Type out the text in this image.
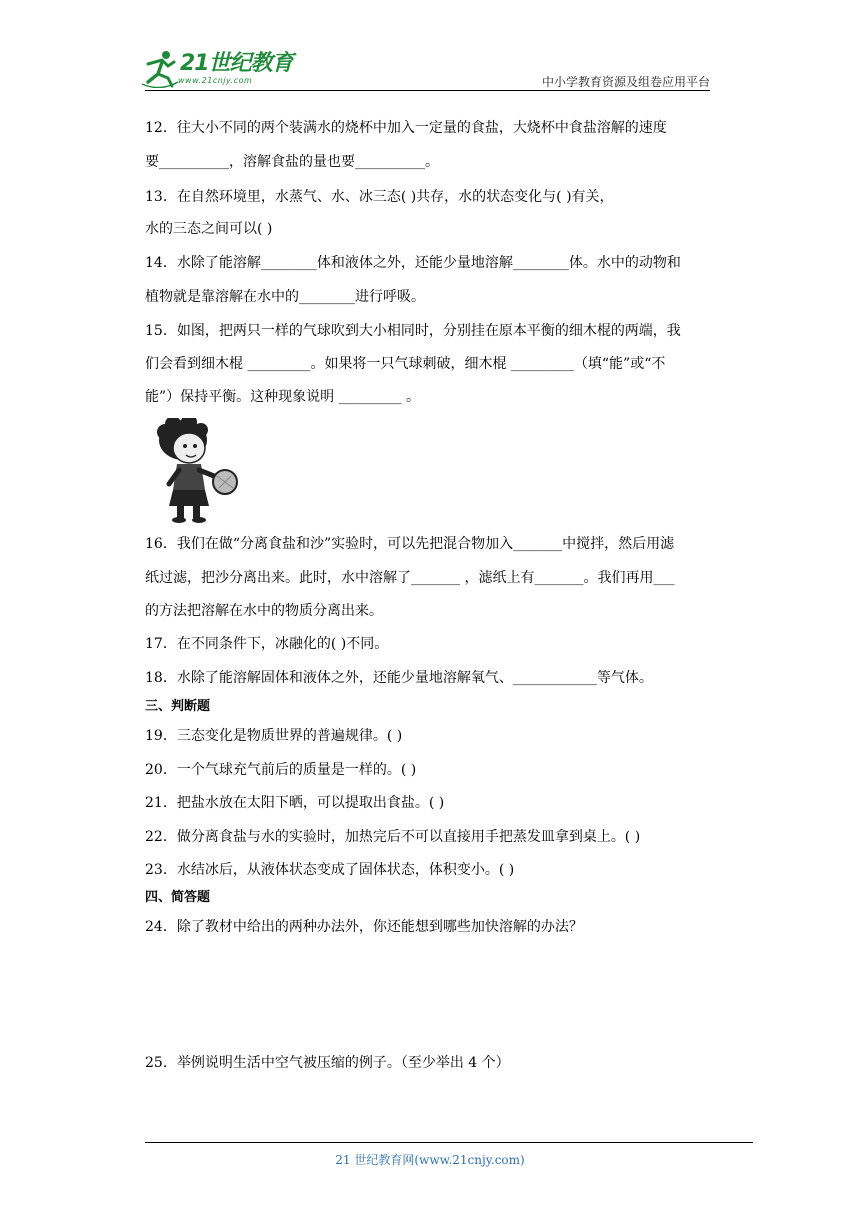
21世纪教育
www.21cnjy.com	中小学教育资源及组卷应用平台
12．往大小不同的两个装满水的烧杯中加入一定量的食盐，大烧杯中食盐溶解的速度
要__________，溶解食盐的量也要__________。
13．在自然环境里，水蒸气、水、冰三态( )共存，水的状态变化与( )有关，
水的三态之间可以( )
14．水除了能溶解________体和液体之外，还能少量地溶解________体。水中的动物和
植物就是靠溶解在水中的________进行呼吸。
15．如图，把两只一样的气球吹到大小相同时，分别挂在原本平衡的细木棍的两端，我
们会看到细木棍 _________。如果将一只气球刺破，细木棍 _________（填“能”或“不
能”）保持平衡。这种现象说明 _________ 。
16．我们在做“分离食盐和沙”实验时，可以先把混合物加入_______中搅拌，然后用滤
纸过滤，把沙分离出来。此时，水中溶解了_______ ，滤纸上有_______。我们再用___
的方法把溶解在水中的物质分离出来。
17．在不同条件下，冰融化的( )不同。
18．水除了能溶解固体和液体之外，还能少量地溶解氧气、____________等气体。
三、判断题
19．三态变化是物质世界的普遍规律。( )
20．一个气球充气前后的质量是一样的。( )
21．把盐水放在太阳下晒，可以提取出食盐。( )
22．做分离食盐与水的实验时，加热完后不可以直接用手把蒸发皿拿到桌上。( )
23．水结冰后，从液体状态变成了固体状态，体积变小。( )
四、简答题
24．除了教材中给出的两种办法外，你还能想到哪些加快溶解的办法？
25．举例说明生活中空气被压缩的例子。（至少举出 4 个）
21 世纪教育网(www.21cnjy.com)
